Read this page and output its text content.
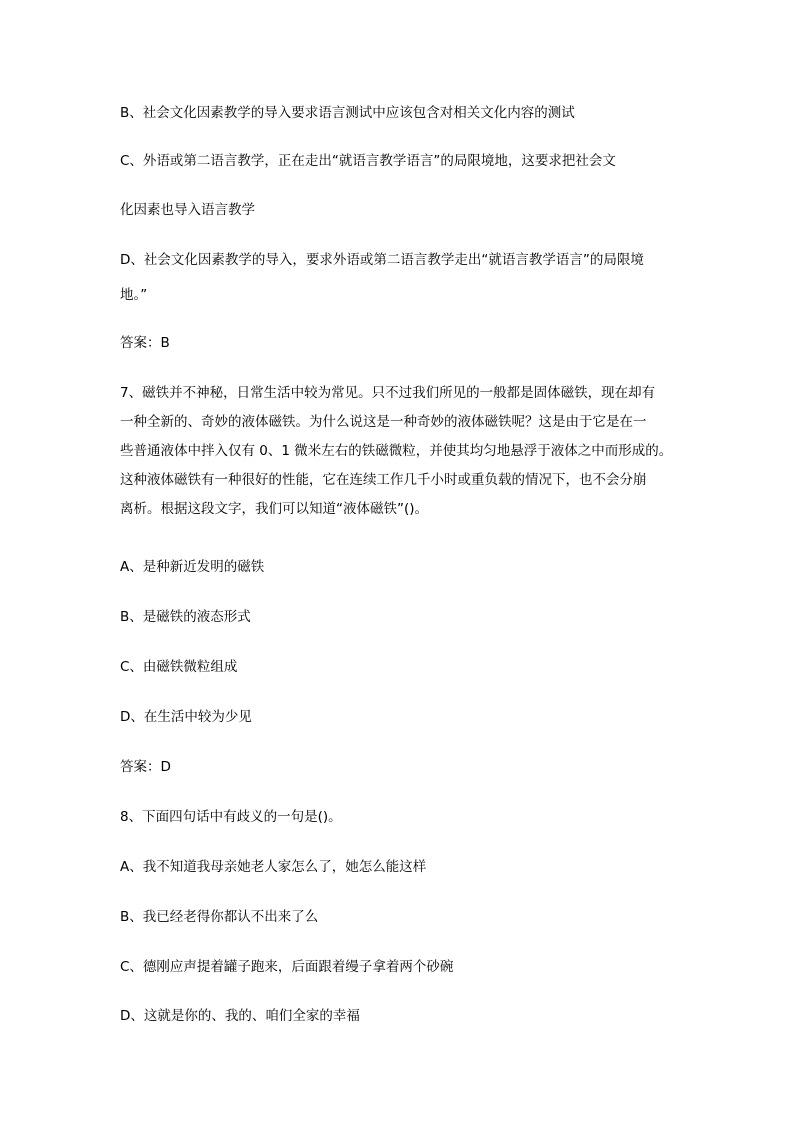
B、社会文化因素教学的导入要求语言测试中应该包含对相关文化内容的测试
C、外语或第二语言教学，正在走出“就语言教学语言”的局限境地，这要求把社会文
化因素也导入语言教学
D、社会文化因素教学的导入，要求外语或第二语言教学走出“就语言教学语言”的局限境
地。”
答案：B
7、磁铁并不神秘，日常生活中较为常见。只不过我们所见的一般都是固体磁铁，现在却有
一种全新的、奇妙的液体磁铁。为什么说这是一种奇妙的液体磁铁呢？这是由于它是在一
些普通液体中拌入仅有 0、1 微米左右的铁磁微粒，并使其均匀地悬浮于液体之中而形成的。
这种液体磁铁有一种很好的性能，它在连续工作几千小时或重负载的情况下，也不会分崩
离析。根据这段文字，我们可以知道“液体磁铁”()。
A、是种新近发明的磁铁
B、是磁铁的液态形式
C、由磁铁微粒组成
D、在生活中较为少见
答案：D
8、下面四句话中有歧义的一句是()。
A、我不知道我母亲她老人家怎么了，她怎么能这样
B、我已经老得你都认不出来了么
C、德刚应声提着罐子跑来，后面跟着缦子拿着两个砂碗
D、这就是你的、我的、咱们全家的幸福
